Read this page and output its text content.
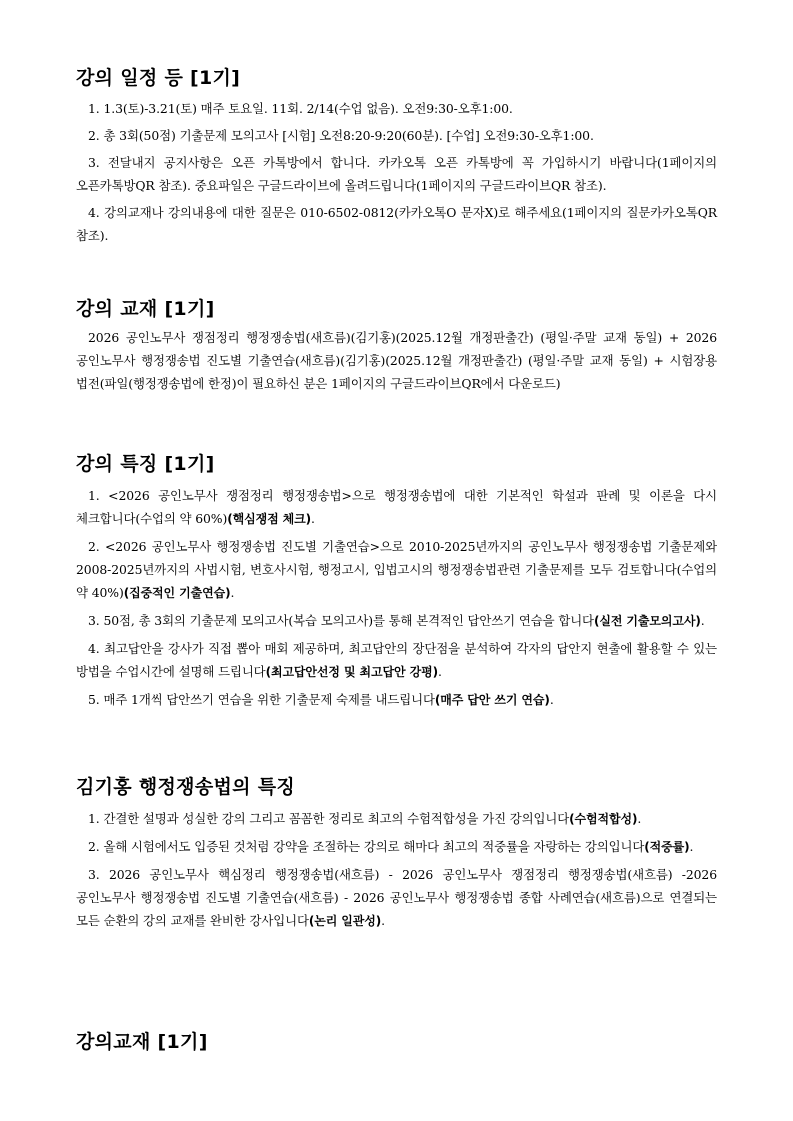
강의 일정 등 [1기]

1. 1.3(토)-3.21(토) 매주 토요일. 11회. 2/14(수업 없음). 오전9:30-오후1:00.

2. 총 3회(50점) 기출문제 모의고사 [시험] 오전8:20-9:20(60분). [수업] 오전9:30-오후1:00.

3. 전달내지 공지사항은 오픈 카톡방에서 합니다. 카카오톡 오픈 카톡방에 꼭 가입하시기 바랍니다(1페이지의 오픈카톡방QR 참조). 중요파일은 구글드라이브에 올려드립니다(1페이지의 구글드라이브QR 참조).

4. 강의교재나 강의내용에 대한 질문은 010-6502-0812(카카오톡O 문자X)로 해주세요(1페이지의 질문카카오톡QR 참조).

강의 교재 [1기]

2026 공인노무사 쟁점정리 행정쟁송법(새흐름)(김기홍)(2025.12월 개정판출간) (평일·주말 교재 동일) + 2026 공인노무사 행정쟁송법 진도별 기출연습(새흐름)(김기홍)(2025.12월 개정판출간) (평일·주말 교재 동일) + 시험장용 법전(파일(행정쟁송법에 한정)이 필요하신 분은 1페이지의 구글드라이브QR에서 다운로드)

강의 특징 [1기]

1. <2026 공인노무사 쟁점정리 행정쟁송법>으로 행정쟁송법에 대한 기본적인 학설과 판례 및 이론을 다시 체크합니다(수업의 약 60%)(핵심쟁점 체크).

2. <2026 공인노무사 행정쟁송법 진도별 기출연습>으로 2010-2025년까지의 공인노무사 행정쟁송법 기출문제와 2008-2025년까지의 사법시험, 변호사시험, 행정고시, 입법고시의 행정쟁송법관련 기출문제를 모두 검토합니다(수업의 약 40%)(집중적인 기출연습).

3. 50점, 총 3회의 기출문제 모의고사(복습 모의고사)를 통해 본격적인 답안쓰기 연습을 합니다(실전 기출모의고사).

4. 최고답안을 강사가 직접 뽑아 매회 제공하며, 최고답안의 장단점을 분석하여 각자의 답안지 현출에 활용할 수 있는 방법을 수업시간에 설명해 드립니다(최고답안선정 및 최고답안 강평).

5. 매주 1개씩 답안쓰기 연습을 위한 기출문제 숙제를 내드립니다(매주 답안 쓰기 연습).

김기홍 행정쟁송법의 특징

1. 간결한 설명과 성실한 강의 그리고 꼼꼼한 정리로 최고의 수험적합성을 가진 강의입니다(수험적합성).

2. 올해 시험에서도 입증된 것처럼 강약을 조절하는 강의로 해마다 최고의 적중률을 자랑하는 강의입니다(적중률).

3. 2026 공인노무사 핵심정리 행정쟁송법(새흐름) - 2026 공인노무사 쟁점정리 행정쟁송법(새흐름) -2026 공인노무사 행정쟁송법 진도별 기출연습(새흐름) - 2026 공인노무사 행정쟁송법 종합 사례연습(새흐름)으로 연결되는 모든 순환의 강의 교재를 완비한 강사입니다(논리 일관성).

강의교재 [1기]
